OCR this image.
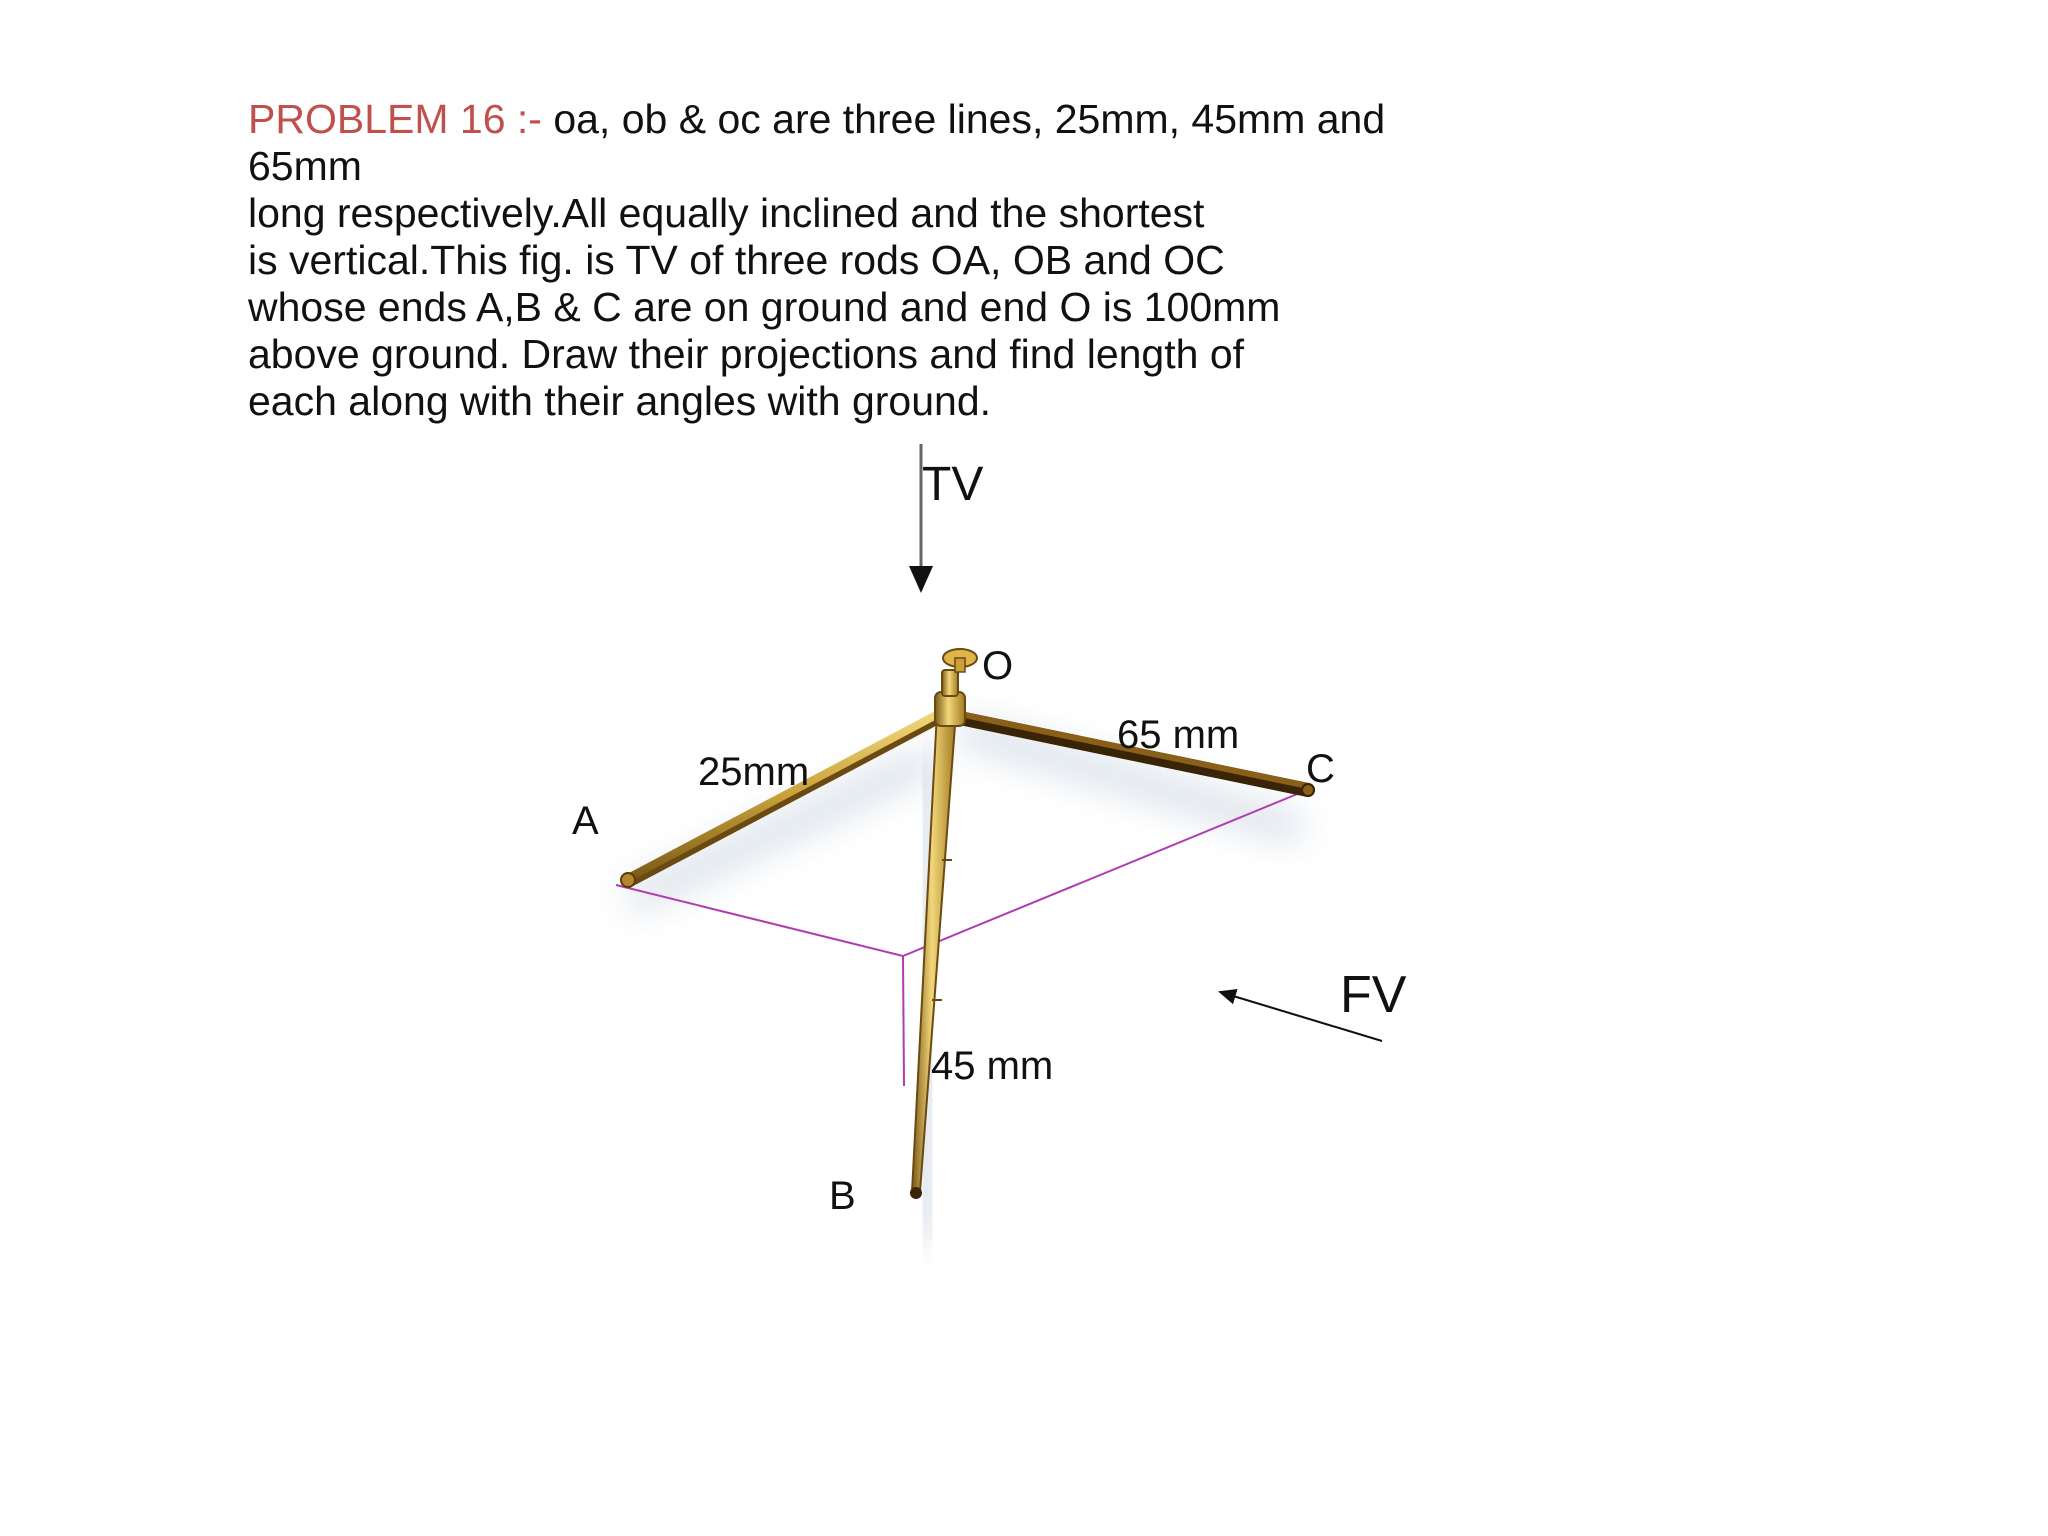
PROBLEM 16 :- oa, ob & oc are three lines, 25mm, 45mm and
65mm
long respectively.All equally inclined and the shortest
is vertical.This fig. is TV of three rods OA, OB and OC
whose ends A,B & C are on ground and end O is 100mm
above ground. Draw their projections and find length of
each along with their angles with ground.

TV
FV
O
A
B
C
25mm
65 mm
45 mm
